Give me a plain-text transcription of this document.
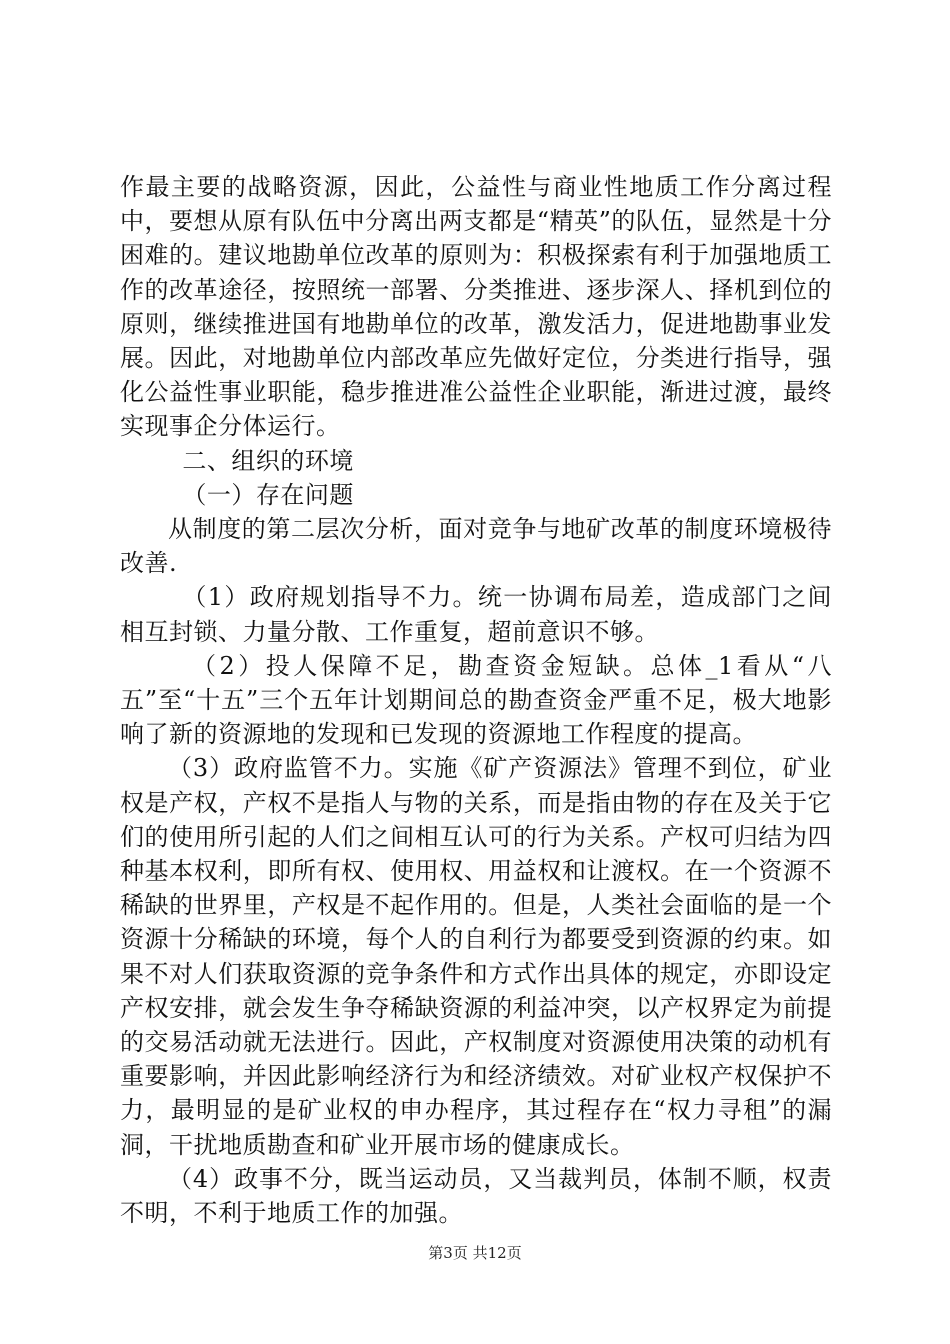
作最主要的战略资源，因此，公益性与商业性地质工作分离过程中，要想从原有队伍中分离出两支都是“精英”的队伍，显然是十分困难的。建议地勘单位改革的原则为：积极探索有利于加强地质工作的改革途径，按照统一部署、分类推进、逐步深人、择机到位的原则，继续推进国有地勘单位的改革，激发活力，促进地勘事业发展。因此，对地勘单位内部改革应先做好定位，分类进行指导，强化公益性事业职能，稳步推进准公益性企业职能，渐进过渡，最终实现事企分体运行。

二、组织的环境

（一）存在问题

从制度的第二层次分析，面对竞争与地矿改革的制度环境极待改善.

（1）政府规划指导不力。统一协调布局差，造成部门之间相互封锁、力量分散、工作重复，超前意识不够。

（2）投人保障不足，勘查资金短缺。总体_1看从“八五”至“十五”三个五年计划期间总的勘查资金严重不足，极大地影响了新的资源地的发现和已发现的资源地工作程度的提高。

（3）政府监管不力。实施《矿产资源法》管理不到位，矿业权是产权，产权不是指人与物的关系，而是指由物的存在及关于它们的使用所引起的人们之间相互认可的行为关系。产权可归结为四种基本权利，即所有权、使用权、用益权和让渡权。在一个资源不稀缺的世界里，产权是不起作用的。但是，人类社会面临的是一个资源十分稀缺的环境，每个人的自利行为都要受到资源的约束。如果不对人们获取资源的竞争条件和方式作出具体的规定，亦即设定产权安排，就会发生争夺稀缺资源的利益冲突，以产权界定为前提的交易活动就无法进行。因此，产权制度对资源使用决策的动机有重要影响，并因此影响经济行为和经济绩效。对矿业权产权保护不力，最明显的是矿业权的申办程序，其过程存在“权力寻租”的漏洞，干扰地质勘查和矿业开展市场的健康成长。

（4）政事不分，既当运动员，又当裁判员，体制不顺，权责不明，不利于地质工作的加强。

第3页 共12页
